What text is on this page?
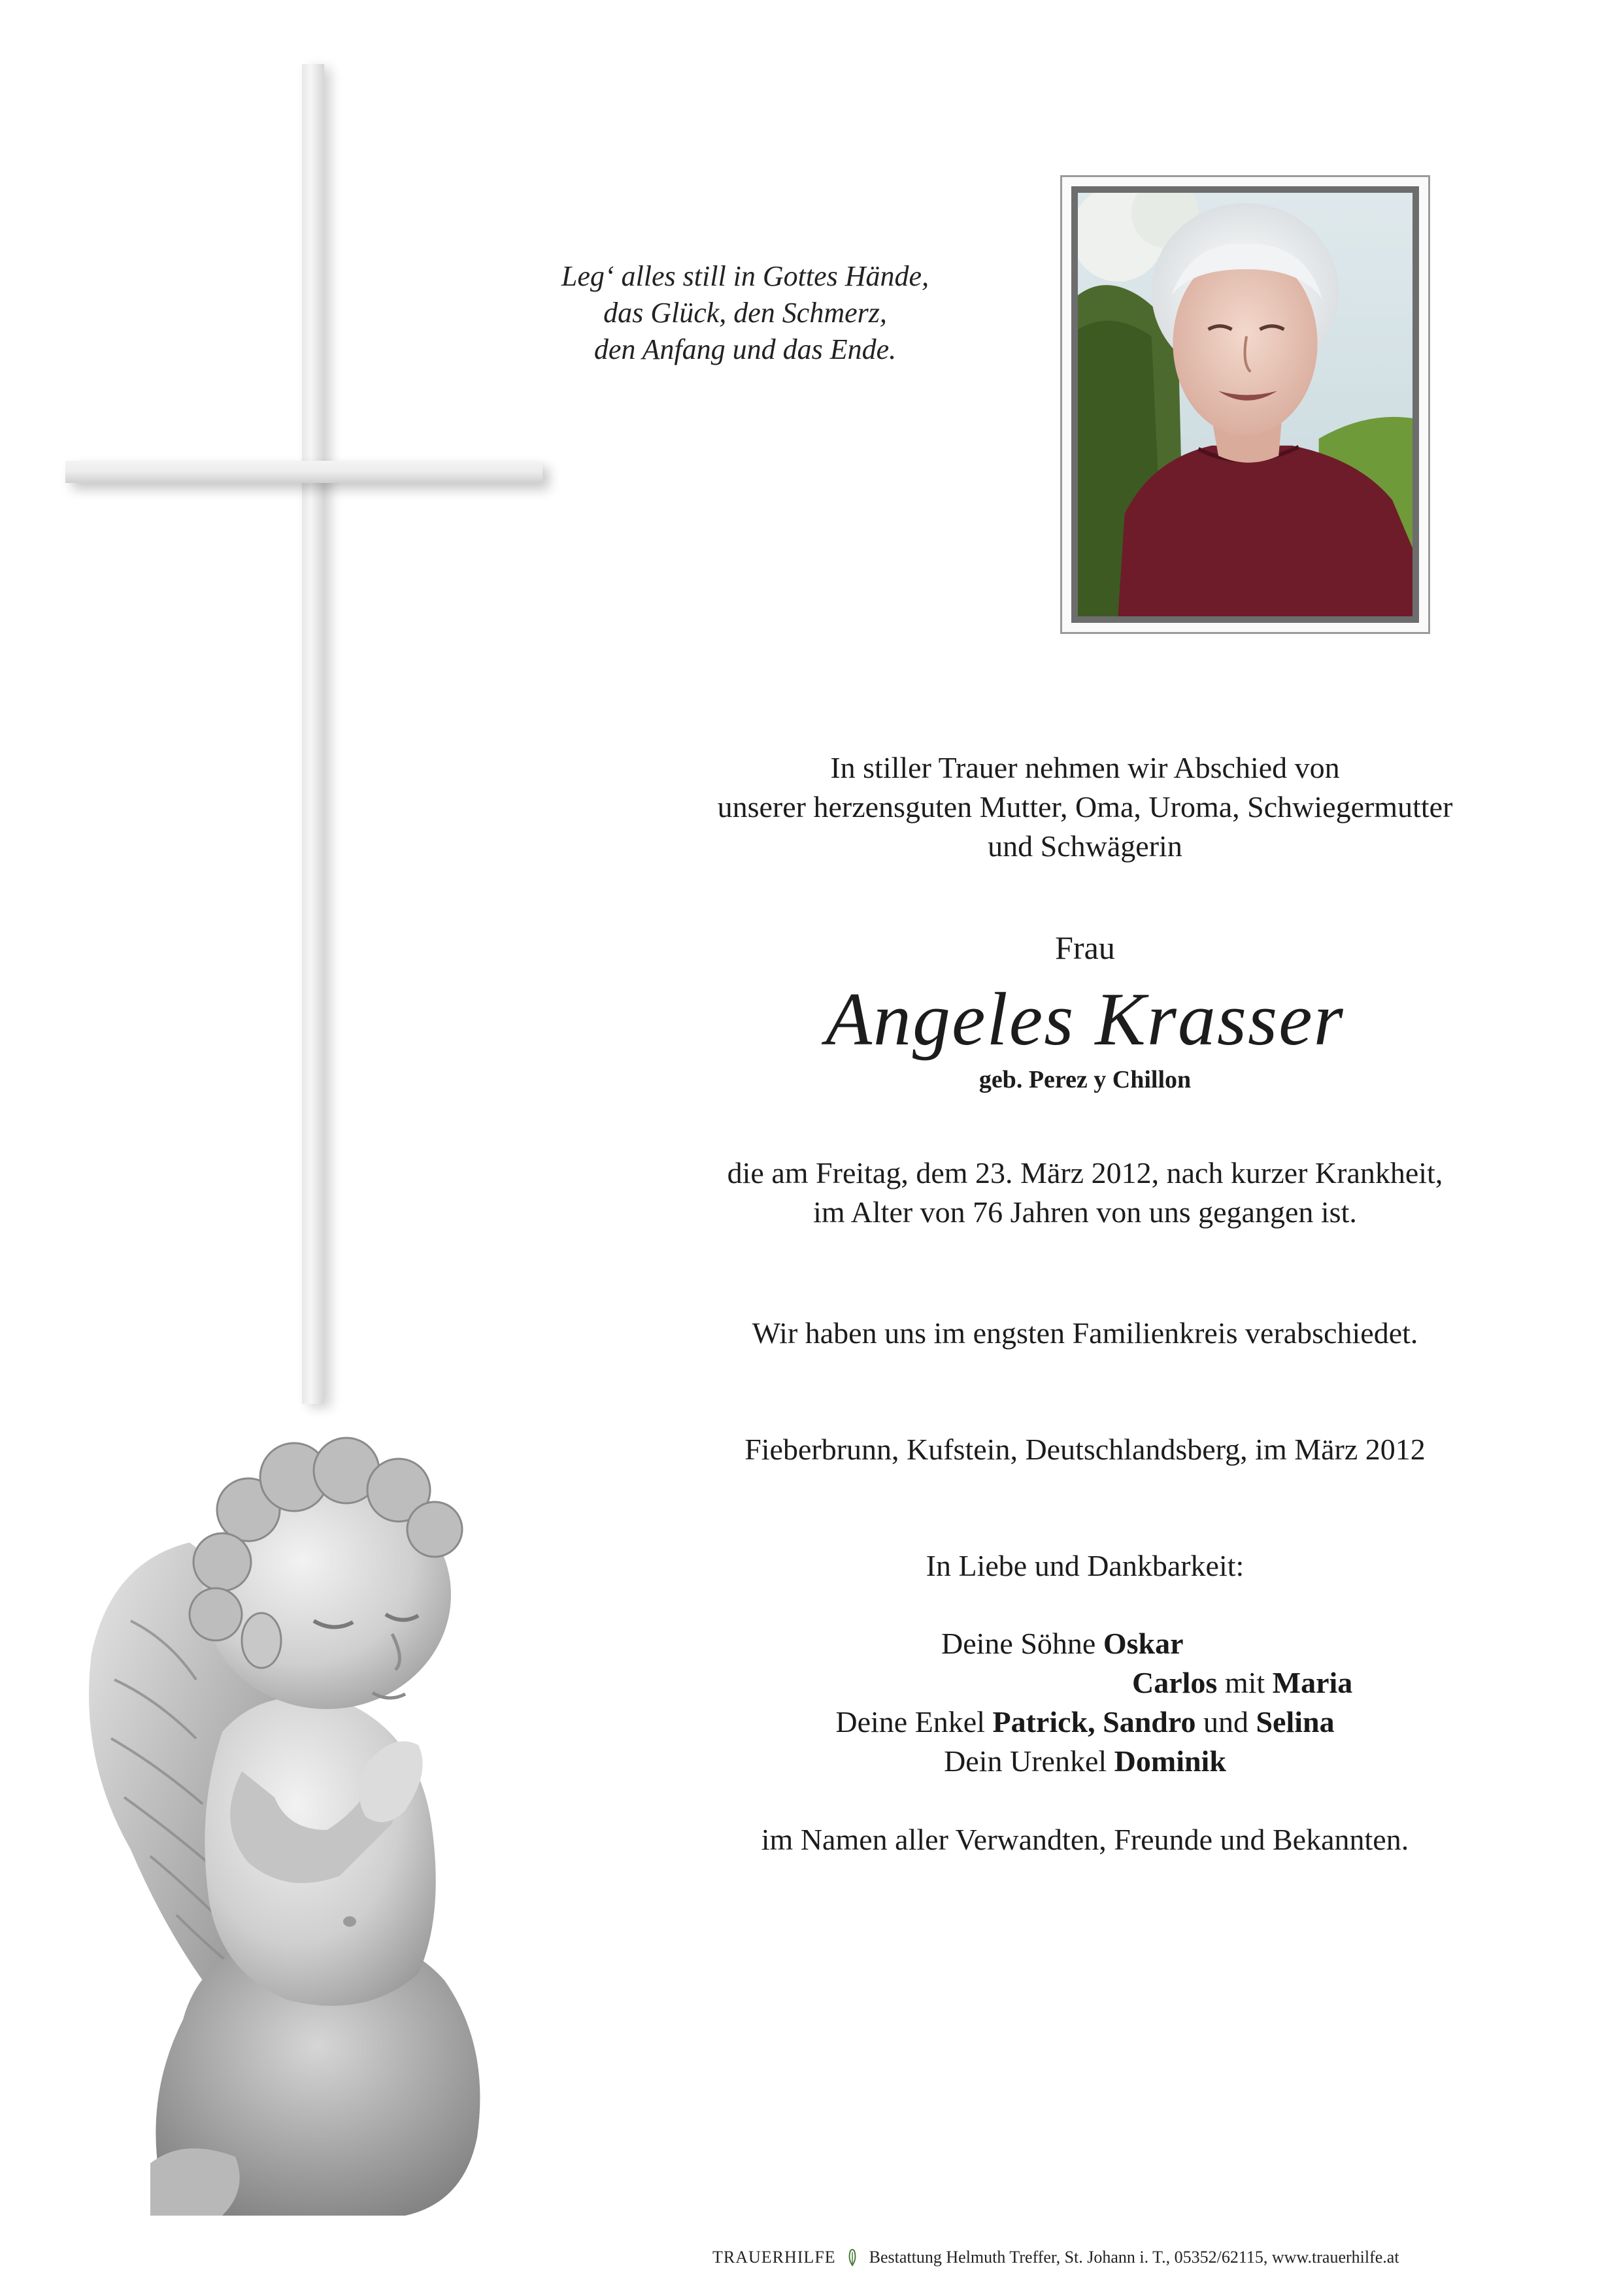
Leg‘ alles still in Gottes Hände,
das Glück, den Schmerz,
den Anfang und das Ende.
In stiller Trauer nehmen wir Abschied von
unserer herzensguten Mutter, Oma, Uroma, Schwiegermutter
und Schwägerin
Frau
Angeles Krasser
geb. Perez y Chillon
die am Freitag, dem 23. März 2012, nach kurzer Krankheit,
im Alter von 76 Jahren von uns gegangen ist.
Wir haben uns im engsten Familienkreis verabschiedet.
Fieberbrunn, Kufstein, Deutschlandsberg, im März 2012
In Liebe und Dankbarkeit:
Deine Söhne Oskar
Carlos mit Maria
Deine Enkel Patrick, Sandro und Selina
Dein Urenkel Dominik
im Namen aller Verwandten, Freunde und Bekannten.
TRAUERHILFE Bestattung Helmuth Treffer, St. Johann i. T., 05352/62115, www.trauerhilfe.at
